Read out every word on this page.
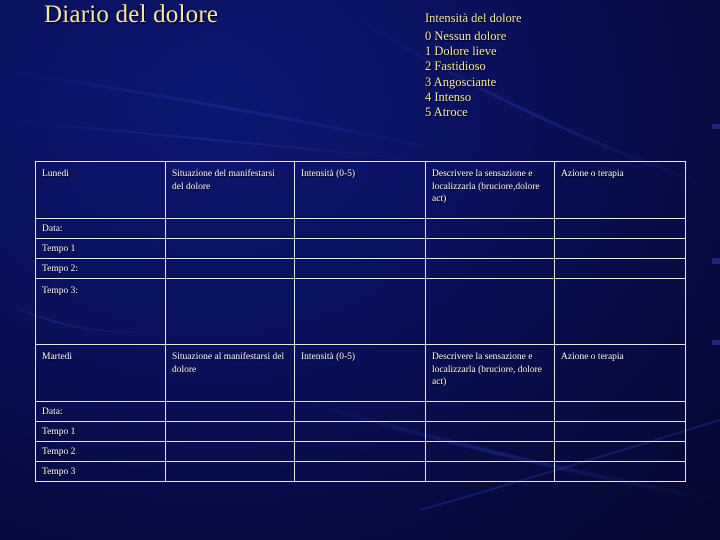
Diario del dolore	Intensità del dolore
0 Nessun dolore
1 Dolore lieve
2 Fastidioso
3 Angosciante
4 Intenso
5 Atroce
Lunedì	Situazione del manifestarsi del dolore	Intensità (0-5)	Descrivere la sensazione e localizzarla (bruciore,dolore act)	Azione o terapia
Data:				
Tempo 1				
Tempo 2:				
Tempo 3:				
Martedì	Situazione al manifestarsi del dolore	Intensità (0-5)	Descrivere la sensazione e localizzarla (bruciore, dolore act)	Azione o terapia
Data:				
Tempo 1				
Tempo 2				
Tempo 3				
